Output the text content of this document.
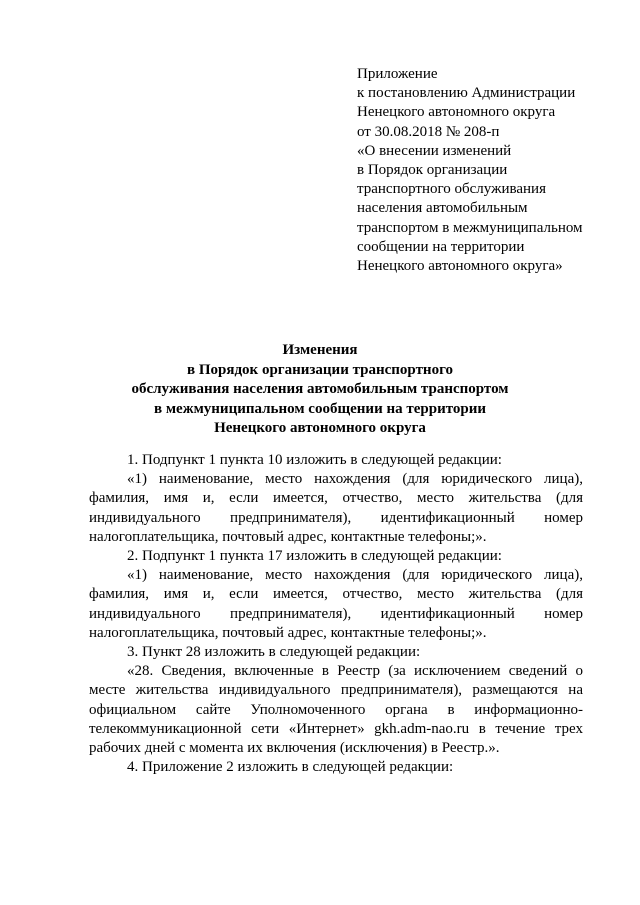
Приложение
к постановлению Администрации
Ненецкого автономного округа
от 30.08.2018 № 208-п
«О внесении изменений
в Порядок организации
транспортного обслуживания
населения автомобильным
транспортом в межмуниципальном
сообщении на территории
Ненецкого автономного округа»
Изменения
в Порядок организации транспортного
обслуживания населения автомобильным транспортом
в межмуниципальном сообщении на территории
Ненецкого автономного округа

1. Подпункт 1 пункта 10 изложить в следующей редакции:

«1) наименование, место нахождения (для юридического лица), фамилия, имя и, если имеется, отчество, место жительства (для индивидуального предпринимателя), идентификационный номер налогоплательщика, почтовый адрес, контактные телефоны;».

2. Подпункт 1 пункта 17 изложить в следующей редакции:

«1) наименование, место нахождения (для юридического лица), фамилия, имя и, если имеется, отчество, место жительства (для индивидуального предпринимателя), идентификационный номер налогоплательщика, почтовый адрес, контактные телефоны;».

3. Пункт 28 изложить в следующей редакции:

«28. Сведения, включенные в Реестр (за исключением сведений о месте жительства индивидуального предпринимателя), размещаются на официальном сайте Уполномоченного органа в информационно-телекоммуникационной сети «Интернет» gkh.adm-nao.ru в течение трех рабочих дней с момента их включения (исключения) в Реестр.».

4. Приложение 2 изложить в следующей редакции:
